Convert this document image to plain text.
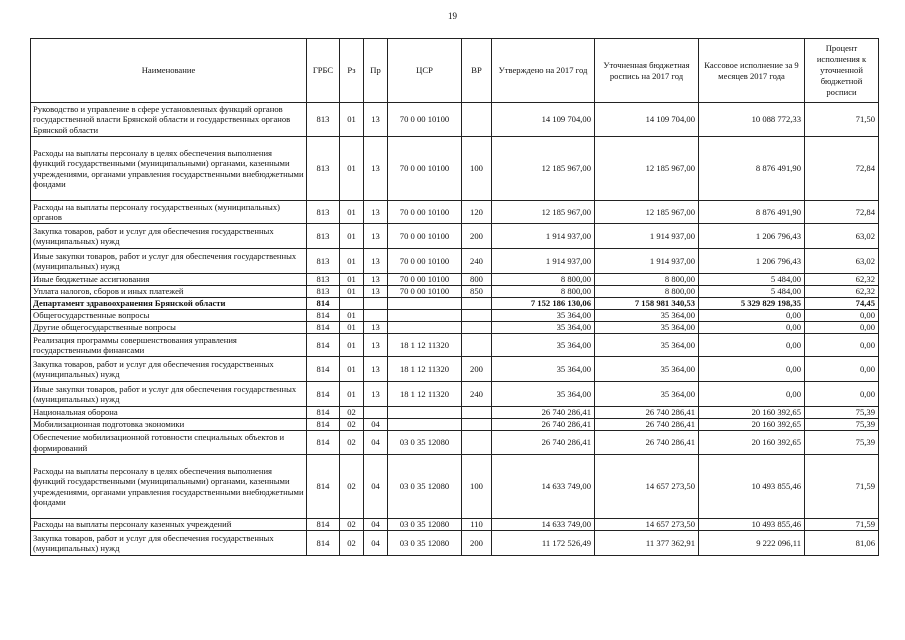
19
Наименование	ГРБС	Рз	Пр	ЦСР	ВР	Утверждено на 2017 год	Уточненная бюджетная роспись на 2017 год	Кассовое исполнение за 9 месяцев 2017 года	Процент исполнения к уточненной бюджетной росписи
Руководство и управление в сфере установленных функций органов государственной власти Брянской области и государственных органов Брянской области	813	01	13	70 0 00 10100		14 109 704,00	14 109 704,00	10 088 772,33	71,50
Расходы на выплаты персоналу в целях обеспечения выполнения функций государственными (муниципальными) органами, казенными учреждениями, органами управления государственными внебюджетными фондами	813	01	13	70 0 00 10100	100	12 185 967,00	12 185 967,00	8 876 491,90	72,84
Расходы на выплаты персоналу государственных (муниципальных) органов	813	01	13	70 0 00 10100	120	12 185 967,00	12 185 967,00	8 876 491,90	72,84
Закупка товаров, работ и услуг для обеспечения государственных (муниципальных) нужд	813	01	13	70 0 00 10100	200	1 914 937,00	1 914 937,00	1 206 796,43	63,02
Иные закупки товаров, работ и услуг для обеспечения государственных (муниципальных) нужд	813	01	13	70 0 00 10100	240	1 914 937,00	1 914 937,00	1 206 796,43	63,02
Иные бюджетные ассигнования	813	01	13	70 0 00 10100	800	8 800,00	8 800,00	5 484,00	62,32
Уплата налогов, сборов и иных платежей	813	01	13	70 0 00 10100	850	8 800,00	8 800,00	5 484,00	62,32
Департамент здравоохранения Брянской области	814					7 152 186 130,06	7 158 981 340,53	5 329 829 198,35	74,45
Общегосударственные вопросы	814	01				35 364,00	35 364,00	0,00	0,00
Другие общегосударственные вопросы	814	01	13			35 364,00	35 364,00	0,00	0,00
Реализация программы совершенствования управления государственными финансами	814	01	13	18 1 12 11320		35 364,00	35 364,00	0,00	0,00
Закупка товаров, работ и услуг для обеспечения государственных (муниципальных) нужд	814	01	13	18 1 12 11320	200	35 364,00	35 364,00	0,00	0,00
Иные закупки товаров, работ и услуг для обеспечения государственных (муниципальных) нужд	814	01	13	18 1 12 11320	240	35 364,00	35 364,00	0,00	0,00
Национальная оборона	814	02				26 740 286,41	26 740 286,41	20 160 392,65	75,39
Мобилизационная подготовка экономики	814	02	04			26 740 286,41	26 740 286,41	20 160 392,65	75,39
Обеспечение мобилизационной готовности специальных объектов и формирований	814	02	04	03 0 35 12080		26 740 286,41	26 740 286,41	20 160 392,65	75,39
Расходы на выплаты персоналу в целях обеспечения выполнения функций государственными (муниципальными) органами, казенными учреждениями, органами управления государственными внебюджетными фондами	814	02	04	03 0 35 12080	100	14 633 749,00	14 657 273,50	10 493 855,46	71,59
Расходы на выплаты персоналу казенных учреждений	814	02	04	03 0 35 12080	110	14 633 749,00	14 657 273,50	10 493 855,46	71,59
Закупка товаров, работ и услуг для обеспечения государственных (муниципальных) нужд	814	02	04	03 0 35 12080	200	11 172 526,49	11 377 362,91	9 222 096,11	81,06
